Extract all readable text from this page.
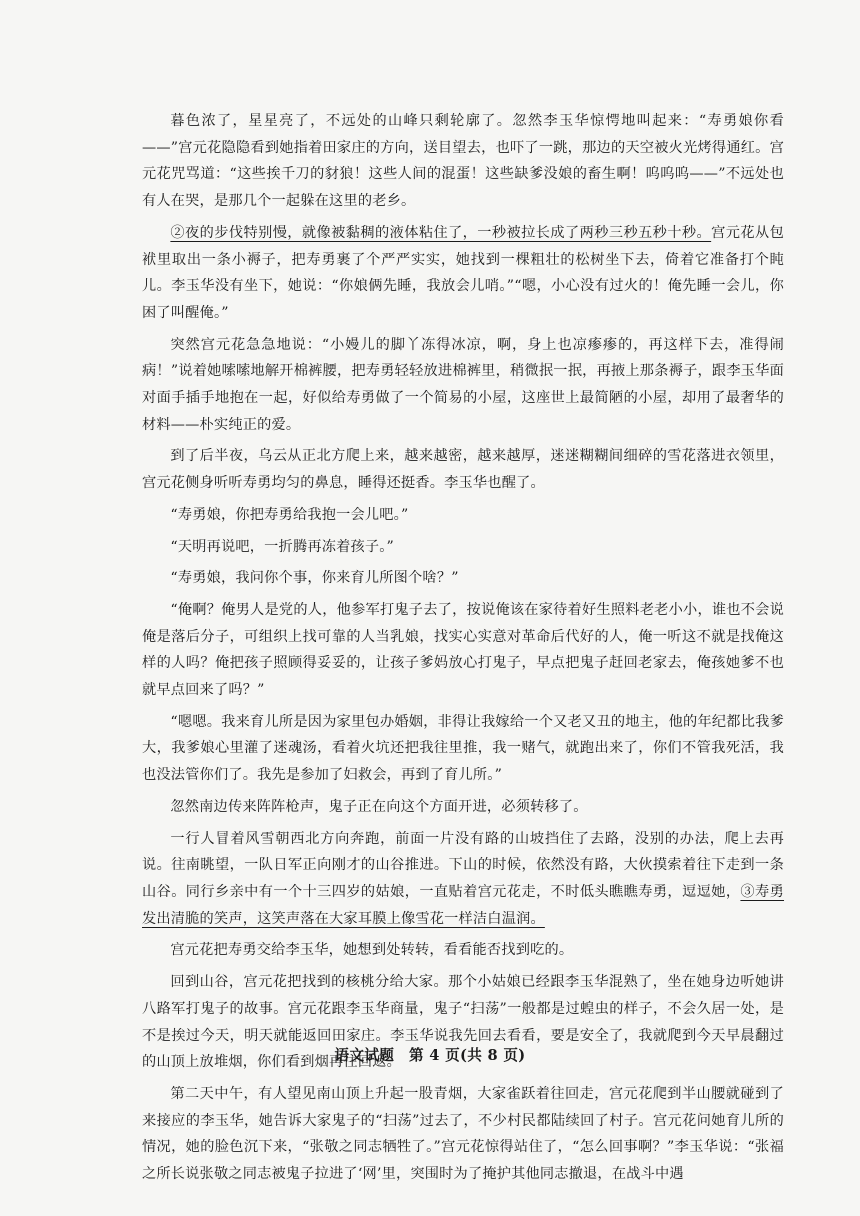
暮色浓了，星星亮了，不远处的山峰只剩轮廓了。忽然李玉华惊愕地叫起来：“寿勇娘你看——”宫元花隐隐看到她指着田家庄的方向，送目望去，也吓了一跳，那边的天空被火光烤得通红。宫元花咒骂道：“这些挨千刀的豺狼！这些人间的混蛋！这些缺爹没娘的畜生啊！呜呜呜——”不远处也有人在哭，是那几个一起躲在这里的老乡。

②夜的步伐特别慢，就像被黏稠的液体粘住了，一秒被拉长成了两秒三秒五秒十秒。宫元花从包袱里取出一条小褥子，把寿勇裹了个严严实实，她找到一棵粗壮的松树坐下去，倚着它准备打个盹儿。李玉华没有坐下，她说：“你娘俩先睡，我放会儿哨。”“嗯，小心没有过火的！俺先睡一会儿，你困了叫醒俺。”

突然宫元花急急地说：“小嫚儿的脚丫冻得冰凉，啊，身上也凉瘆瘆的，再这样下去，准得闹病！”说着她嗦嗦地解开棉裤腰，把寿勇轻轻放进棉裤里，稍微抿一抿，再掖上那条褥子，跟李玉华面对面手插手地抱在一起，好似给寿勇做了一个简易的小屋，这座世上最简陋的小屋，却用了最奢华的材料——朴实纯正的爱。

到了后半夜，乌云从正北方爬上来，越来越密，越来越厚，迷迷糊糊间细碎的雪花落进衣领里，宫元花侧身听听寿勇均匀的鼻息，睡得还挺香。李玉华也醒了。

“寿勇娘，你把寿勇给我抱一会儿吧。”

“天明再说吧，一折腾再冻着孩子。”

“寿勇娘，我问你个事，你来育儿所图个啥？”

“俺啊？俺男人是党的人，他参军打鬼子去了，按说俺该在家待着好生照料老老小小，谁也不会说俺是落后分子，可组织上找可靠的人当乳娘，找实心实意对革命后代好的人，俺一听这不就是找俺这样的人吗？俺把孩子照顾得妥妥的，让孩子爹妈放心打鬼子，早点把鬼子赶回老家去，俺孩她爹不也就早点回来了吗？”

“嗯嗯。我来育儿所是因为家里包办婚姻，非得让我嫁给一个又老又丑的地主，他的年纪都比我爹大，我爹娘心里灌了迷魂汤，看着火坑还把我往里推，我一赌气，就跑出来了，你们不管我死活，我也没法管你们了。我先是参加了妇救会，再到了育儿所。”

忽然南边传来阵阵枪声，鬼子正在向这个方面开进，必须转移了。

一行人冒着风雪朝西北方向奔跑，前面一片没有路的山坡挡住了去路，没别的办法，爬上去再说。往南眺望，一队日军正向刚才的山谷推进。下山的时候，依然没有路，大伙摸索着往下走到一条山谷。同行乡亲中有一个十三四岁的姑娘，一直贴着宫元花走，不时低头瞧瞧寿勇，逗逗她，③寿勇发出清脆的笑声，这笑声落在大家耳膜上像雪花一样洁白温润。

宫元花把寿勇交给李玉华，她想到处转转，看看能否找到吃的。

回到山谷，宫元花把找到的核桃分给大家。那个小姑娘已经跟李玉华混熟了，坐在她身边听她讲八路军打鬼子的故事。宫元花跟李玉华商量，鬼子“扫荡”一般都是过蝗虫的样子，不会久居一处，是不是挨过今天，明天就能返回田家庄。李玉华说我先回去看看，要是安全了，我就爬到今天早晨翻过的山顶上放堆烟，你们看到烟再往回返。

第二天中午，有人望见南山顶上升起一股青烟，大家雀跃着往回走，宫元花爬到半山腰就碰到了来接应的李玉华，她告诉大家鬼子的“扫荡”过去了，不少村民都陆续回了村子。宫元花问她育儿所的情况，她的脸色沉下来，“张敬之同志牺牲了。”宫元花惊得站住了，“怎么回事啊？”李玉华说：“张福之所长说张敬之同志被鬼子拉进了‘网’里，突围时为了掩护其他同志撤退，在战斗中遇

语文试题　第 4 页(共 8 页)
